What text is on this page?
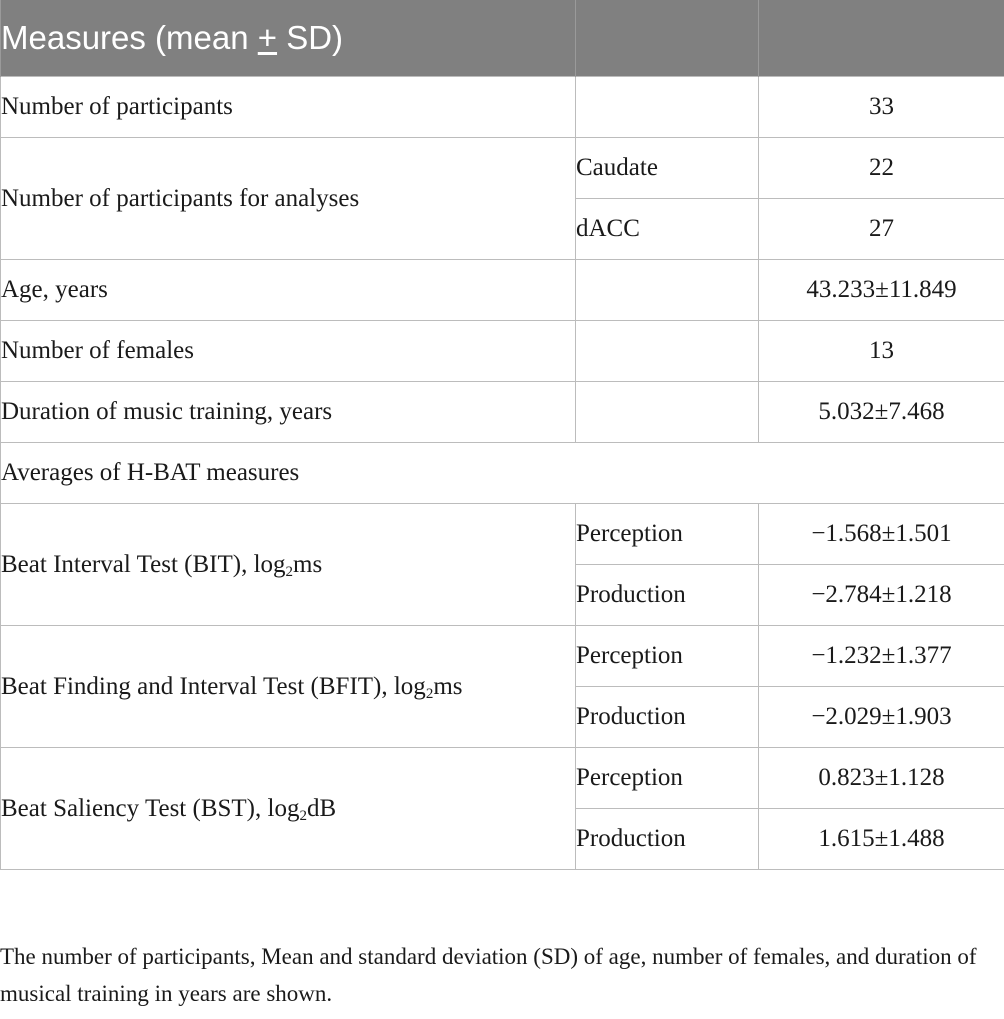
Measures (mean + SD)		
Number of participants		33
Number of participants for analyses	Caudate	22
	dACC	27
Age, years		43.233±11.849
Number of females		13
Duration of music training, years		5.032±7.468
Averages of H-BAT measures		
Beat Interval Test (BIT), $\log_2ms$	Perception	−1.568±1.501
	Production	−2.784±1.218
Beat Finding and Interval Test (BFIT), $\log_2ms$	Perception	−1.232±1.377
	Production	−2.029±1.903
Beat Saliency Test (BST), $\log_2dB$	Perception	0.823±1.128
	Production	1.615±1.488
The number of participants, Mean and standard deviation (SD) of age, number of females, and duration of musical training in years are shown.
